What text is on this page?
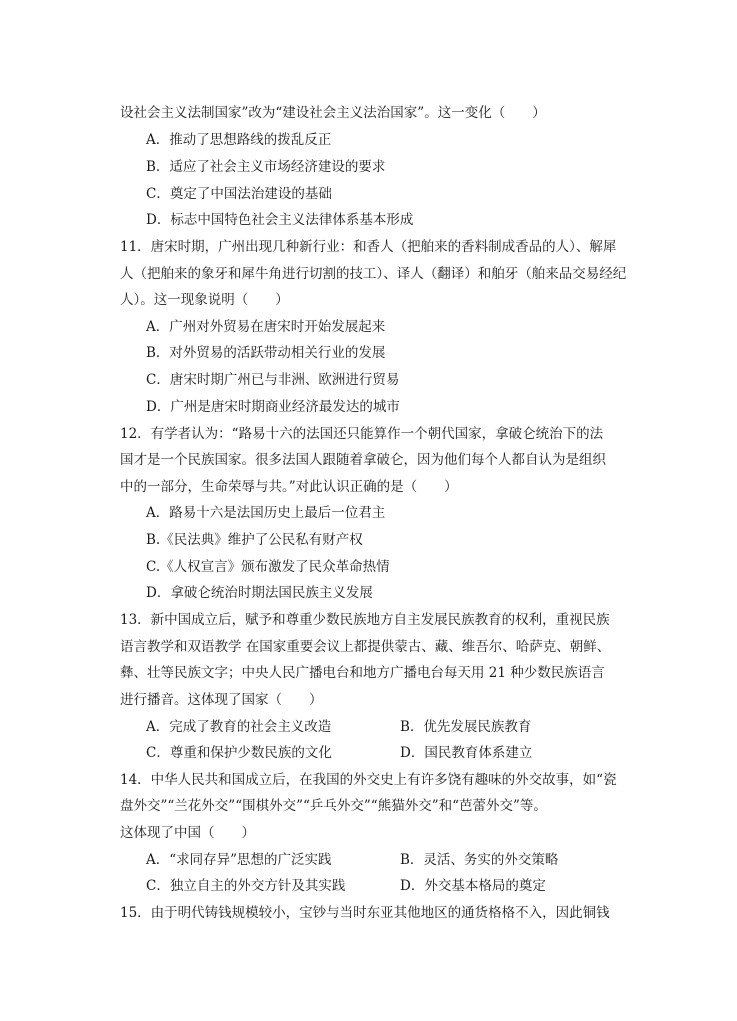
设社会主义法制国家”改为“建设社会主义法治国家”。这一变化（　　）
A．推动了思想路线的拨乱反正
B．适应了社会主义市场经济建设的要求
C．奠定了中国法治建设的基础
D．标志中国特色社会主义法律体系基本形成
11．唐宋时期，广州出现几种新行业：和香人（把舶来的香料制成香品的人）、解犀
人（把舶来的象牙和犀牛角进行切割的技工）、译人（翻译）和舶牙（舶来品交易经纪
人）。这一现象说明（　　）
A．广州对外贸易在唐宋时开始发展起来
B．对外贸易的活跃带动相关行业的发展
C．唐宋时期广州已与非洲、欧洲进行贸易
D．广州是唐宋时期商业经济最发达的城市
12．有学者认为：“路易十六的法国还只能算作一个朝代国家，拿破仑统治下的法
国才是一个民族国家。很多法国人跟随着拿破仑，因为他们每个人都自认为是组织
中的一部分，生命荣辱与共。”对此认识正确的是（　　）
A．路易十六是法国历史上最后一位君主
B.《民法典》维护了公民私有财产权
C.《人权宣言》颁布激发了民众革命热情
D．拿破仑统治时期法国民族主义发展
13．新中国成立后，赋予和尊重少数民族地方自主发展民族教育的权利，重视民族
语言教学和双语教学 在国家重要会议上都提供蒙古、藏、维吾尔、哈萨克、朝鲜、
彝、壮等民族文字；中央人民广播电台和地方广播电台每天用 21 种少数民族语言
进行播音。这体现了国家（　　）
A．完成了教育的社会主义改造	B．优先发展民族教育
C．尊重和保护少数民族的文化	D．国民教育体系建立
14．中华人民共和国成立后，在我国的外交史上有许多饶有趣味的外交故事，如“瓷
盘外交”“兰花外交”“围棋外交”“乒乓外交”“熊猫外交”和“芭蕾外交”等。
这体现了中国（　　）
A．“求同存异”思想的广泛实践	B．灵活、务实的外交策略
C．独立自主的外交方针及其实践	D．外交基本格局的奠定
15．由于明代铸钱规模较小，宝钞与当时东亚其他地区的通货格格不入，因此铜钱
